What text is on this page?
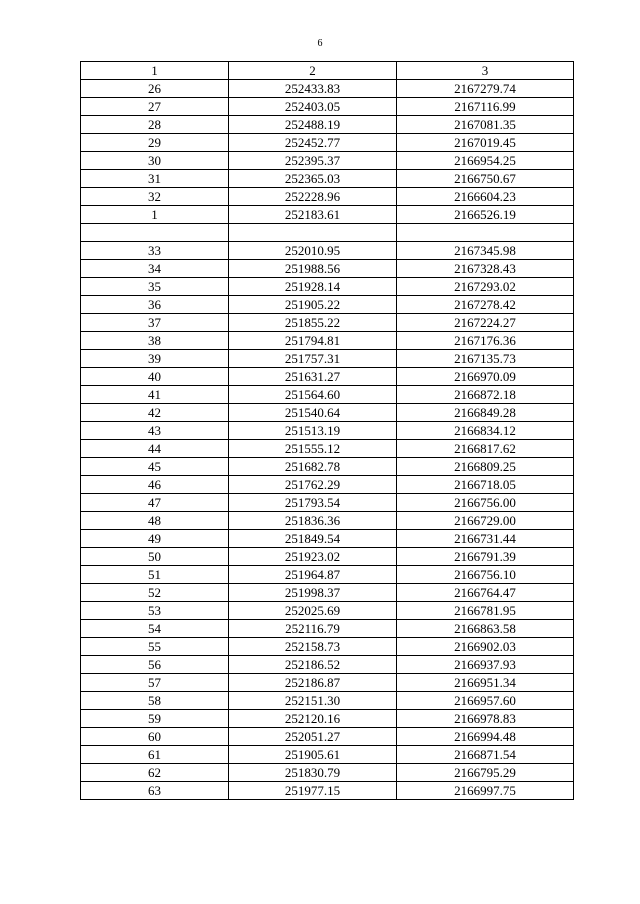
6
1	2	3
26	252433.83	2167279.74
27	252403.05	2167116.99
28	252488.19	2167081.35
29	252452.77	2167019.45
30	252395.37	2166954.25
31	252365.03	2166750.67
32	252228.96	2166604.23
1	252183.61	2166526.19

33	252010.95	2167345.98
34	251988.56	2167328.43
35	251928.14	2167293.02
36	251905.22	2167278.42
37	251855.22	2167224.27
38	251794.81	2167176.36
39	251757.31	2167135.73
40	251631.27	2166970.09
41	251564.60	2166872.18
42	251540.64	2166849.28
43	251513.19	2166834.12
44	251555.12	2166817.62
45	251682.78	2166809.25
46	251762.29	2166718.05
47	251793.54	2166756.00
48	251836.36	2166729.00
49	251849.54	2166731.44
50	251923.02	2166791.39
51	251964.87	2166756.10
52	251998.37	2166764.47
53	252025.69	2166781.95
54	252116.79	2166863.58
55	252158.73	2166902.03
56	252186.52	2166937.93
57	252186.87	2166951.34
58	252151.30	2166957.60
59	252120.16	2166978.83
60	252051.27	2166994.48
61	251905.61	2166871.54
62	251830.79	2166795.29
63	251977.15	2166997.75
